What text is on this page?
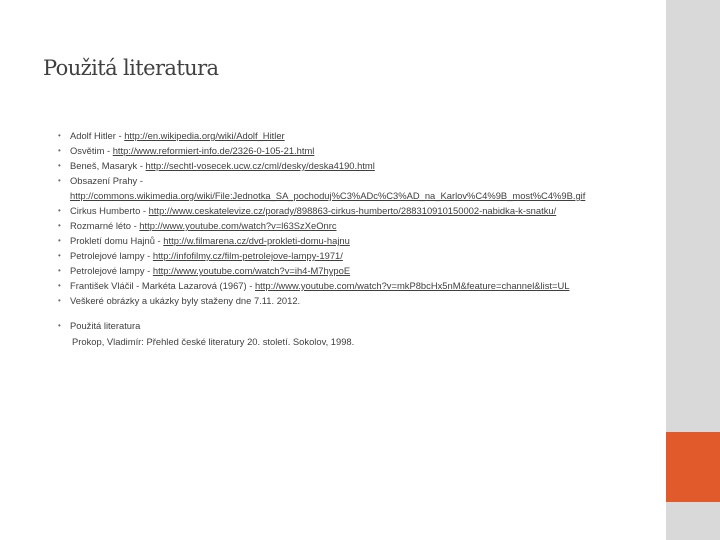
Použitá literatura
• Adolf Hitler - http://en.wikipedia.org/wiki/Adolf_Hitler
• Osvětim - http://www.reformiert-info.de/2326-0-105-21.html
• Beneš, Masaryk - http://sechtl-vosecek.ucw.cz/cml/desky/deska4190.html
• Obsazení Prahy -
http://commons.wikimedia.org/wiki/File:Jednotka_SA_pochoduj%C3%ADc%C3%AD_na_Karlov%C4%9B_most%C4%9B.gif
• Cirkus Humberto - http://www.ceskatelevize.cz/porady/898863-cirkus-humberto/288310910150002-nabidka-k-snatku/
• Rozmarné léto - http://www.youtube.com/watch?v=l63SzXeOnrc
• Prokletí domu Hajnů - http://w.filmarena.cz/dvd-prokleti-domu-hajnu
• Petrolejové lampy - http://infofilmy.cz/film-petrolejove-lampy-1971/
• Petrolejové lampy - http://www.youtube.com/watch?v=ih4-M7hypoE
• František Vláčil - Markéta Lazarová (1967) - http://www.youtube.com/watch?v=mkP8bcHx5nM&feature=channel&list=UL
• Veškeré obrázky a ukázky byly staženy dne 7.11. 2012.
• Použitá literatura
Prokop, Vladimír: Přehled české literatury 20. století. Sokolov, 1998.
